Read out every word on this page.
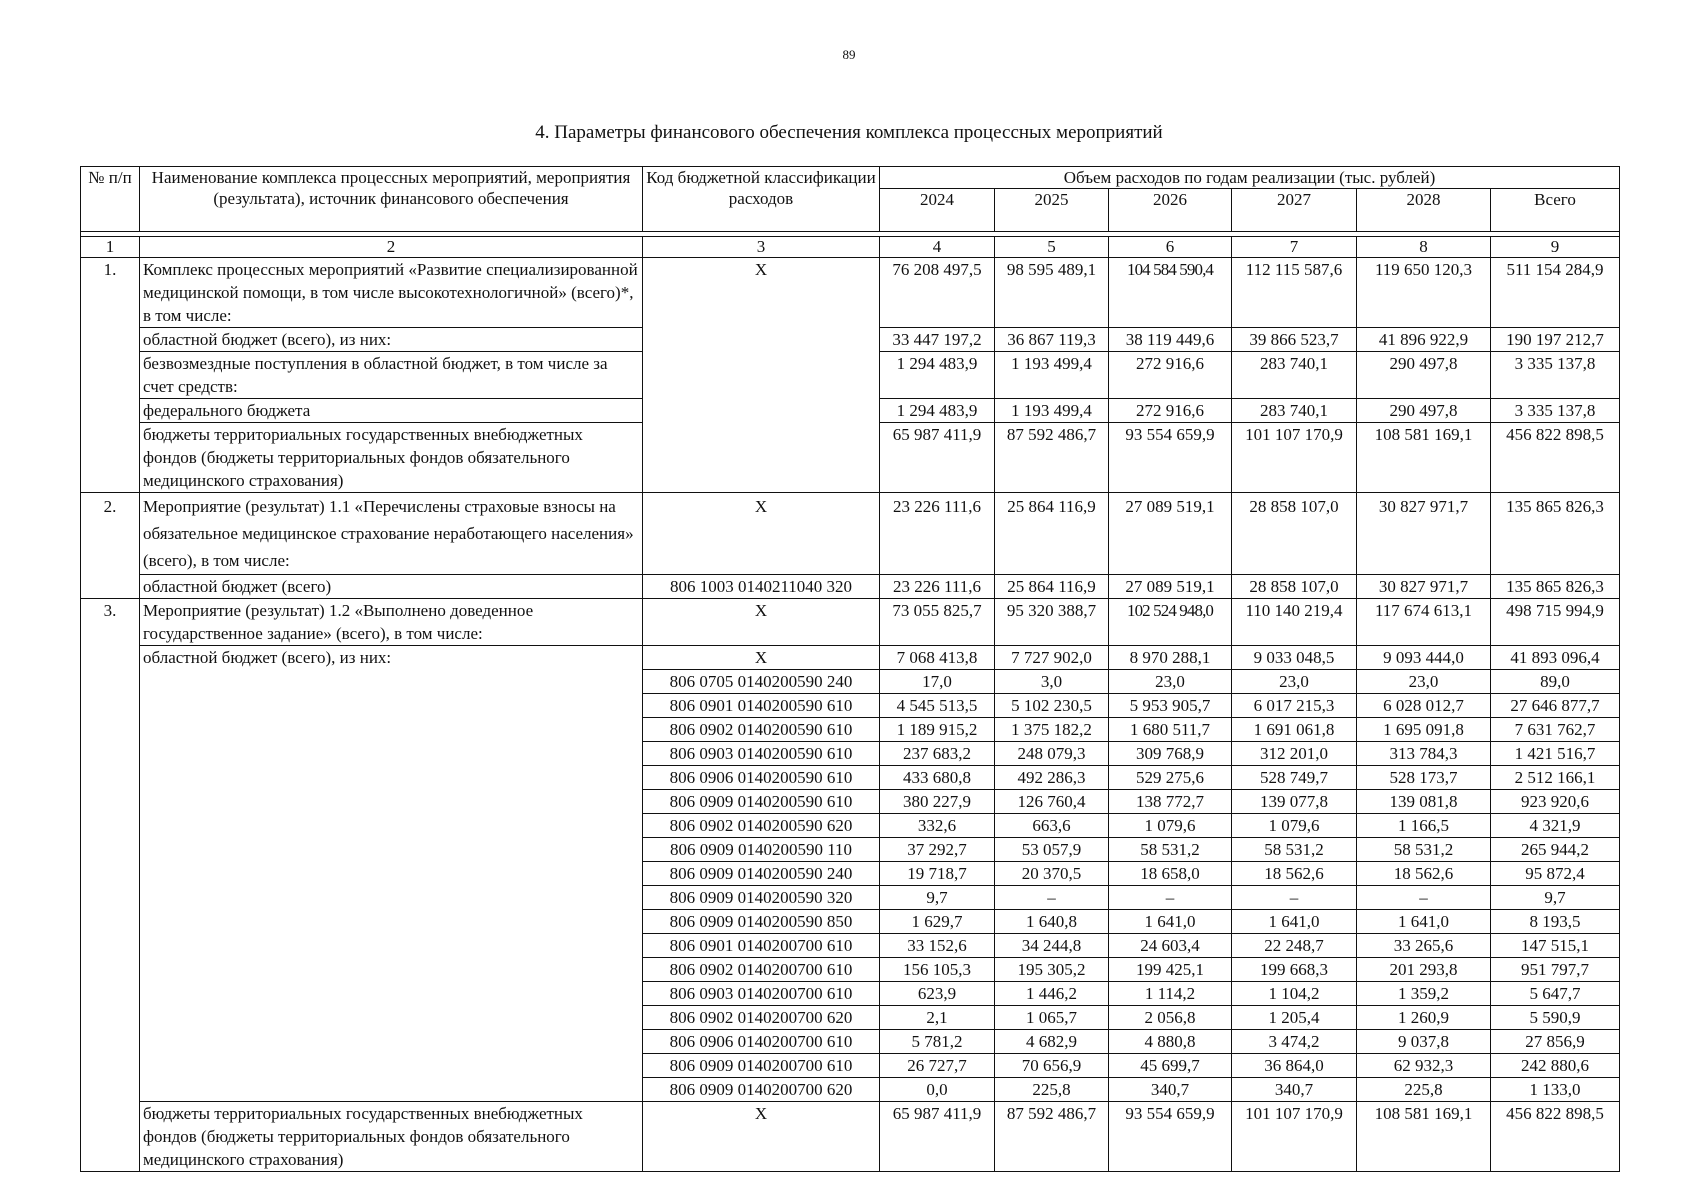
89
4. Параметры финансового обеспечения комплекса процессных мероприятий
№ п/п	Наименование комплекса процессных мероприятий, мероприятия (результата), источник финансового обеспечения	Код бюджетной классификации расходов	Объем расходов по годам реализации (тыс. рублей)					
			2024	2025	2026	2027	2028	Всего

1	2	3	4	5	6	7	8	9
1.	Комплекс процессных мероприятий «Развитие специализированной медицинской помощи, в том числе высокотехнологичной» (всего)*, в том числе:	X	76 208 497,5	98 595 489,1	104 584 590,4	112 115 587,6	119 650 120,3	511 154 284,9
	областной бюджет (всего), из них:		33 447 197,2	36 867 119,3	38 119 449,6	39 866 523,7	41 896 922,9	190 197 212,7
	безвозмездные поступления в областной бюджет, в том числе за счет средств:		1 294 483,9	1 193 499,4	272 916,6	283 740,1	290 497,8	3 335 137,8
	федерального бюджета		1 294 483,9	1 193 499,4	272 916,6	283 740,1	290 497,8	3 335 137,8
	бюджеты территориальных государственных внебюджетных фондов (бюджеты территориальных фондов обязательного медицинского страхования)		65 987 411,9	87 592 486,7	93 554 659,9	101 107 170,9	108 581 169,1	456 822 898,5
2.	Мероприятие (результат) 1.1 «Перечислены страховые взносы на обязательное медицинское страхование неработающего населения» (всего), в том числе:	X	23 226 111,6	25 864 116,9	27 089 519,1	28 858 107,0	30 827 971,7	135 865 826,3
	областной бюджет (всего)	806 1003 0140211040 320	23 226 111,6	25 864 116,9	27 089 519,1	28 858 107,0	30 827 971,7	135 865 826,3
3.	Мероприятие (результат) 1.2 «Выполнено доведенное государственное задание» (всего), в том числе:	X	73 055 825,7	95 320 388,7	102 524 948,0	110 140 219,4	117 674 613,1	498 715 994,9
	областной бюджет (всего), из них:	X	7 068 413,8	7 727 902,0	8 970 288,1	9 033 048,5	9 093 444,0	41 893 096,4
		806 0705 0140200590 240	17,0	3,0	23,0	23,0	23,0	89,0
		806 0901 0140200590 610	4 545 513,5	5 102 230,5	5 953 905,7	6 017 215,3	6 028 012,7	27 646 877,7
		806 0902 0140200590 610	1 189 915,2	1 375 182,2	1 680 511,7	1 691 061,8	1 695 091,8	7 631 762,7
		806 0903 0140200590 610	237 683,2	248 079,3	309 768,9	312 201,0	313 784,3	1 421 516,7
		806 0906 0140200590 610	433 680,8	492 286,3	529 275,6	528 749,7	528 173,7	2 512 166,1
		806 0909 0140200590 610	380 227,9	126 760,4	138 772,7	139 077,8	139 081,8	923 920,6
		806 0902 0140200590 620	332,6	663,6	1 079,6	1 079,6	1 166,5	4 321,9
		806 0909 0140200590 110	37 292,7	53 057,9	58 531,2	58 531,2	58 531,2	265 944,2
		806 0909 0140200590 240	19 718,7	20 370,5	18 658,0	18 562,6	18 562,6	95 872,4
		806 0909 0140200590 320	9,7	–	–	–	–	9,7
		806 0909 0140200590 850	1 629,7	1 640,8	1 641,0	1 641,0	1 641,0	8 193,5
		806 0901 0140200700 610	33 152,6	34 244,8	24 603,4	22 248,7	33 265,6	147 515,1
		806 0902 0140200700 610	156 105,3	195 305,2	199 425,1	199 668,3	201 293,8	951 797,7
		806 0903 0140200700 610	623,9	1 446,2	1 114,2	1 104,2	1 359,2	5 647,7
		806 0902 0140200700 620	2,1	1 065,7	2 056,8	1 205,4	1 260,9	5 590,9
		806 0906 0140200700 610	5 781,2	4 682,9	4 880,8	3 474,2	9 037,8	27 856,9
		806 0909 0140200700 610	26 727,7	70 656,9	45 699,7	36 864,0	62 932,3	242 880,6
		806 0909 0140200700 620	0,0	225,8	340,7	340,7	225,8	1 133,0
	бюджеты территориальных государственных внебюджетных фондов (бюджеты территориальных фондов обязательного медицинского страхования)	X	65 987 411,9	87 592 486,7	93 554 659,9	101 107 170,9	108 581 169,1	456 822 898,5
